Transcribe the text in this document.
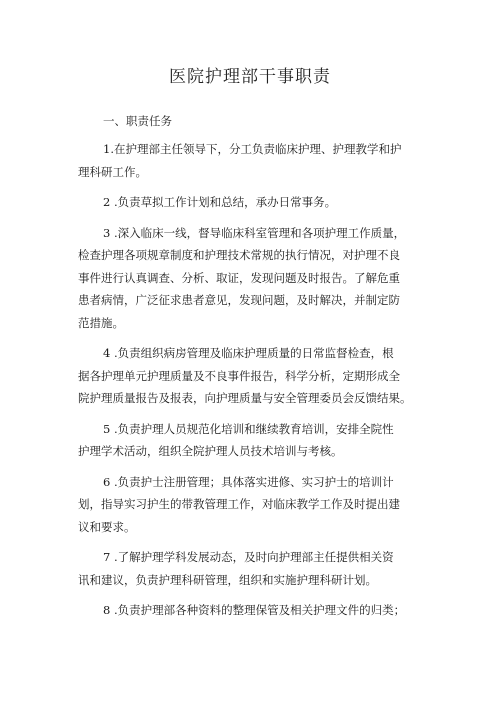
医院护理部干事职责
一、职责任务
1.在护理部主任领导下，分工负责临床护理、护理教学和护
理科研工作。
2 .负责草拟工作计划和总结，承办日常事务。
3 .深入临床一线，督导临床科室管理和各项护理工作质量，
检查护理各项规章制度和护理技术常规的执行情况，对护理不良
事件进行认真调查、分析、取证，发现问题及时报告。了解危重
患者病情，广泛征求患者意见，发现问题，及时解决，并制定防
范措施。
4 .负责组织病房管理及临床护理质量的日常监督检查，根
据各护理单元护理质量及不良事件报告，科学分析，定期形成全
院护理质量报告及报表，向护理质量与安全管理委员会反馈结果。
5 .负责护理人员规范化培训和继续教育培训，安排全院性
护理学术活动，组织全院护理人员技术培训与考核。
6 .负责护士注册管理；具体落实进修、实习护士的培训计
划，指导实习护生的带教管理工作，对临床教学工作及时提出建
议和要求。
7 .了解护理学科发展动态，及时向护理部主任提供相关资
讯和建议，负责护理科研管理，组织和实施护理科研计划。
8 .负责护理部各种资料的整理保管及相关护理文件的归类；
